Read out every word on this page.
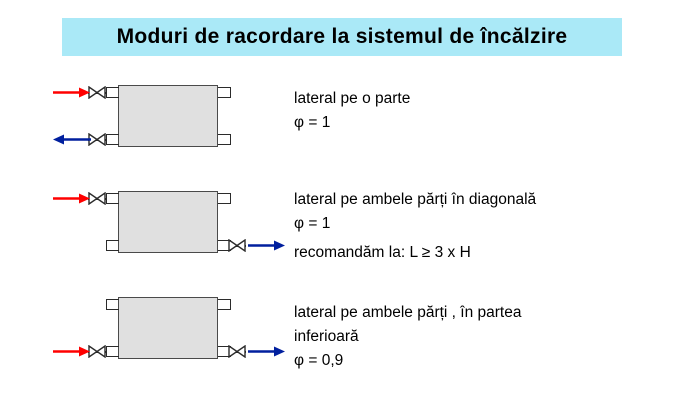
Moduri de racordare la sistemul de încălzire
lateral pe o parte
φ = 1
lateral pe ambele părți în diagonală
φ = 1
recomandăm la: L ≥ 3 x H
lateral pe ambele părți , în partea
inferioară
φ = 0,9
